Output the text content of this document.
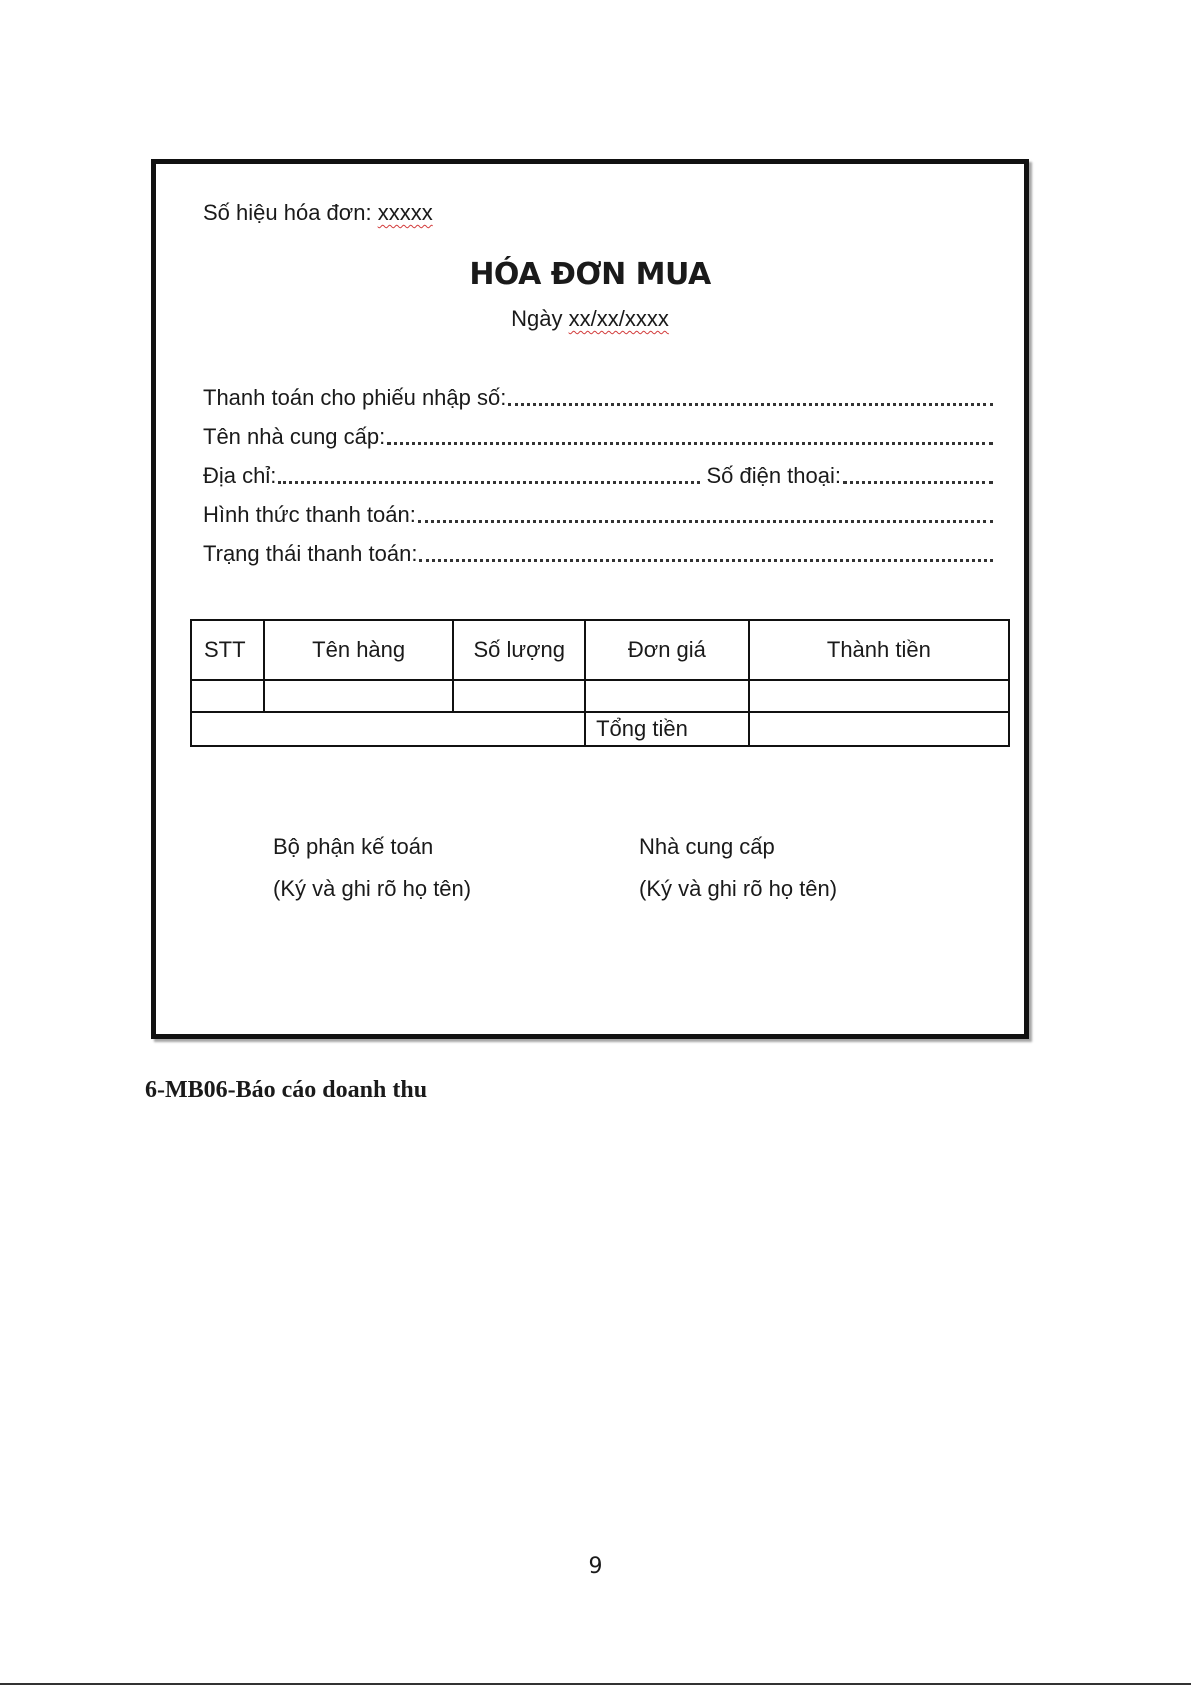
Số hiệu hóa đơn: xxxxx
HÓA ĐƠN MUA
Ngày xx/xx/xxxx
Thanh toán cho phiếu nhập số:
Tên nhà cung cấp:
Địa chỉ:	Số điện thoại:
Hình thức thanh toán:
Trạng thái thanh toán:
STT	Tên hàng	Số lượng	Đơn giá	Thành tiền

			Tổng tiền	
Bộ phận kế toán
(Ký và ghi rõ họ tên)
Nhà cung cấp
(Ký và ghi rõ họ tên)
6-MB06-Báo cáo doanh thu
9
